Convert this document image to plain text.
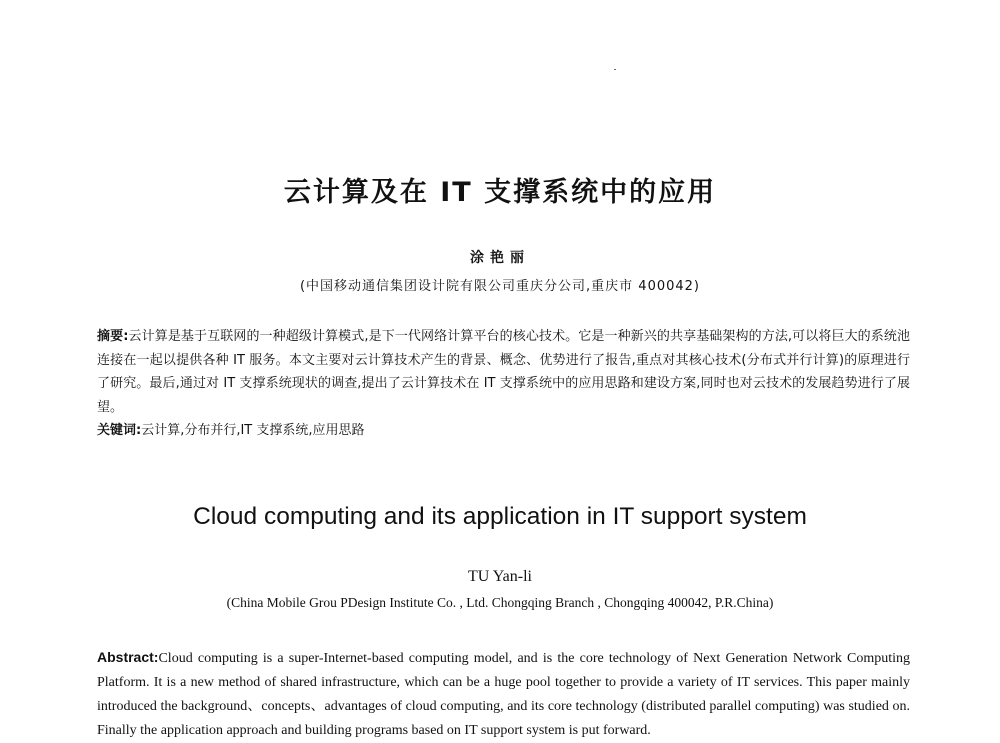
云计算及在 IT 支撑系统中的应用
涂艳丽
(中国移动通信集团设计院有限公司重庆分公司,重庆市 400042)

摘要:云计算是基于互联网的一种超级计算模式,是下一代网络计算平台的核心技术。它是一种新兴的共享基础架构的方法,可以将巨大的系统池连接在一起以提供各种 IT 服务。本文主要对云计算技术产生的背景、概念、优势进行了报告,重点对其核心技术(分布式并行计算)的原理进行了研究。最后,通过对 IT 支撑系统现状的调查,提出了云计算技术在 IT 支撑系统中的应用思路和建设方案,同时也对云技术的发展趋势进行了展望。

关键词:云计算,分布并行,IT 支撑系统,应用思路

Cloud computing and its application in IT support system
TU Yan-li
(China Mobile Grou PDesign Institute Co. , Ltd. Chongqing Branch , Chongqing 400042, P.R.China)
Abstract:Cloud computing is a super-Internet-based computing model, and is the core technology of Next Generation Network Computing Platform. It is a new method of shared infrastructure, which can be a huge pool together to provide a variety of IT services. This paper mainly introduced the background、concepts、advantages of cloud computing, and its core technology (distributed parallel computing) was studied on. Finally the application approach and building programs based on IT support system is put forward.
